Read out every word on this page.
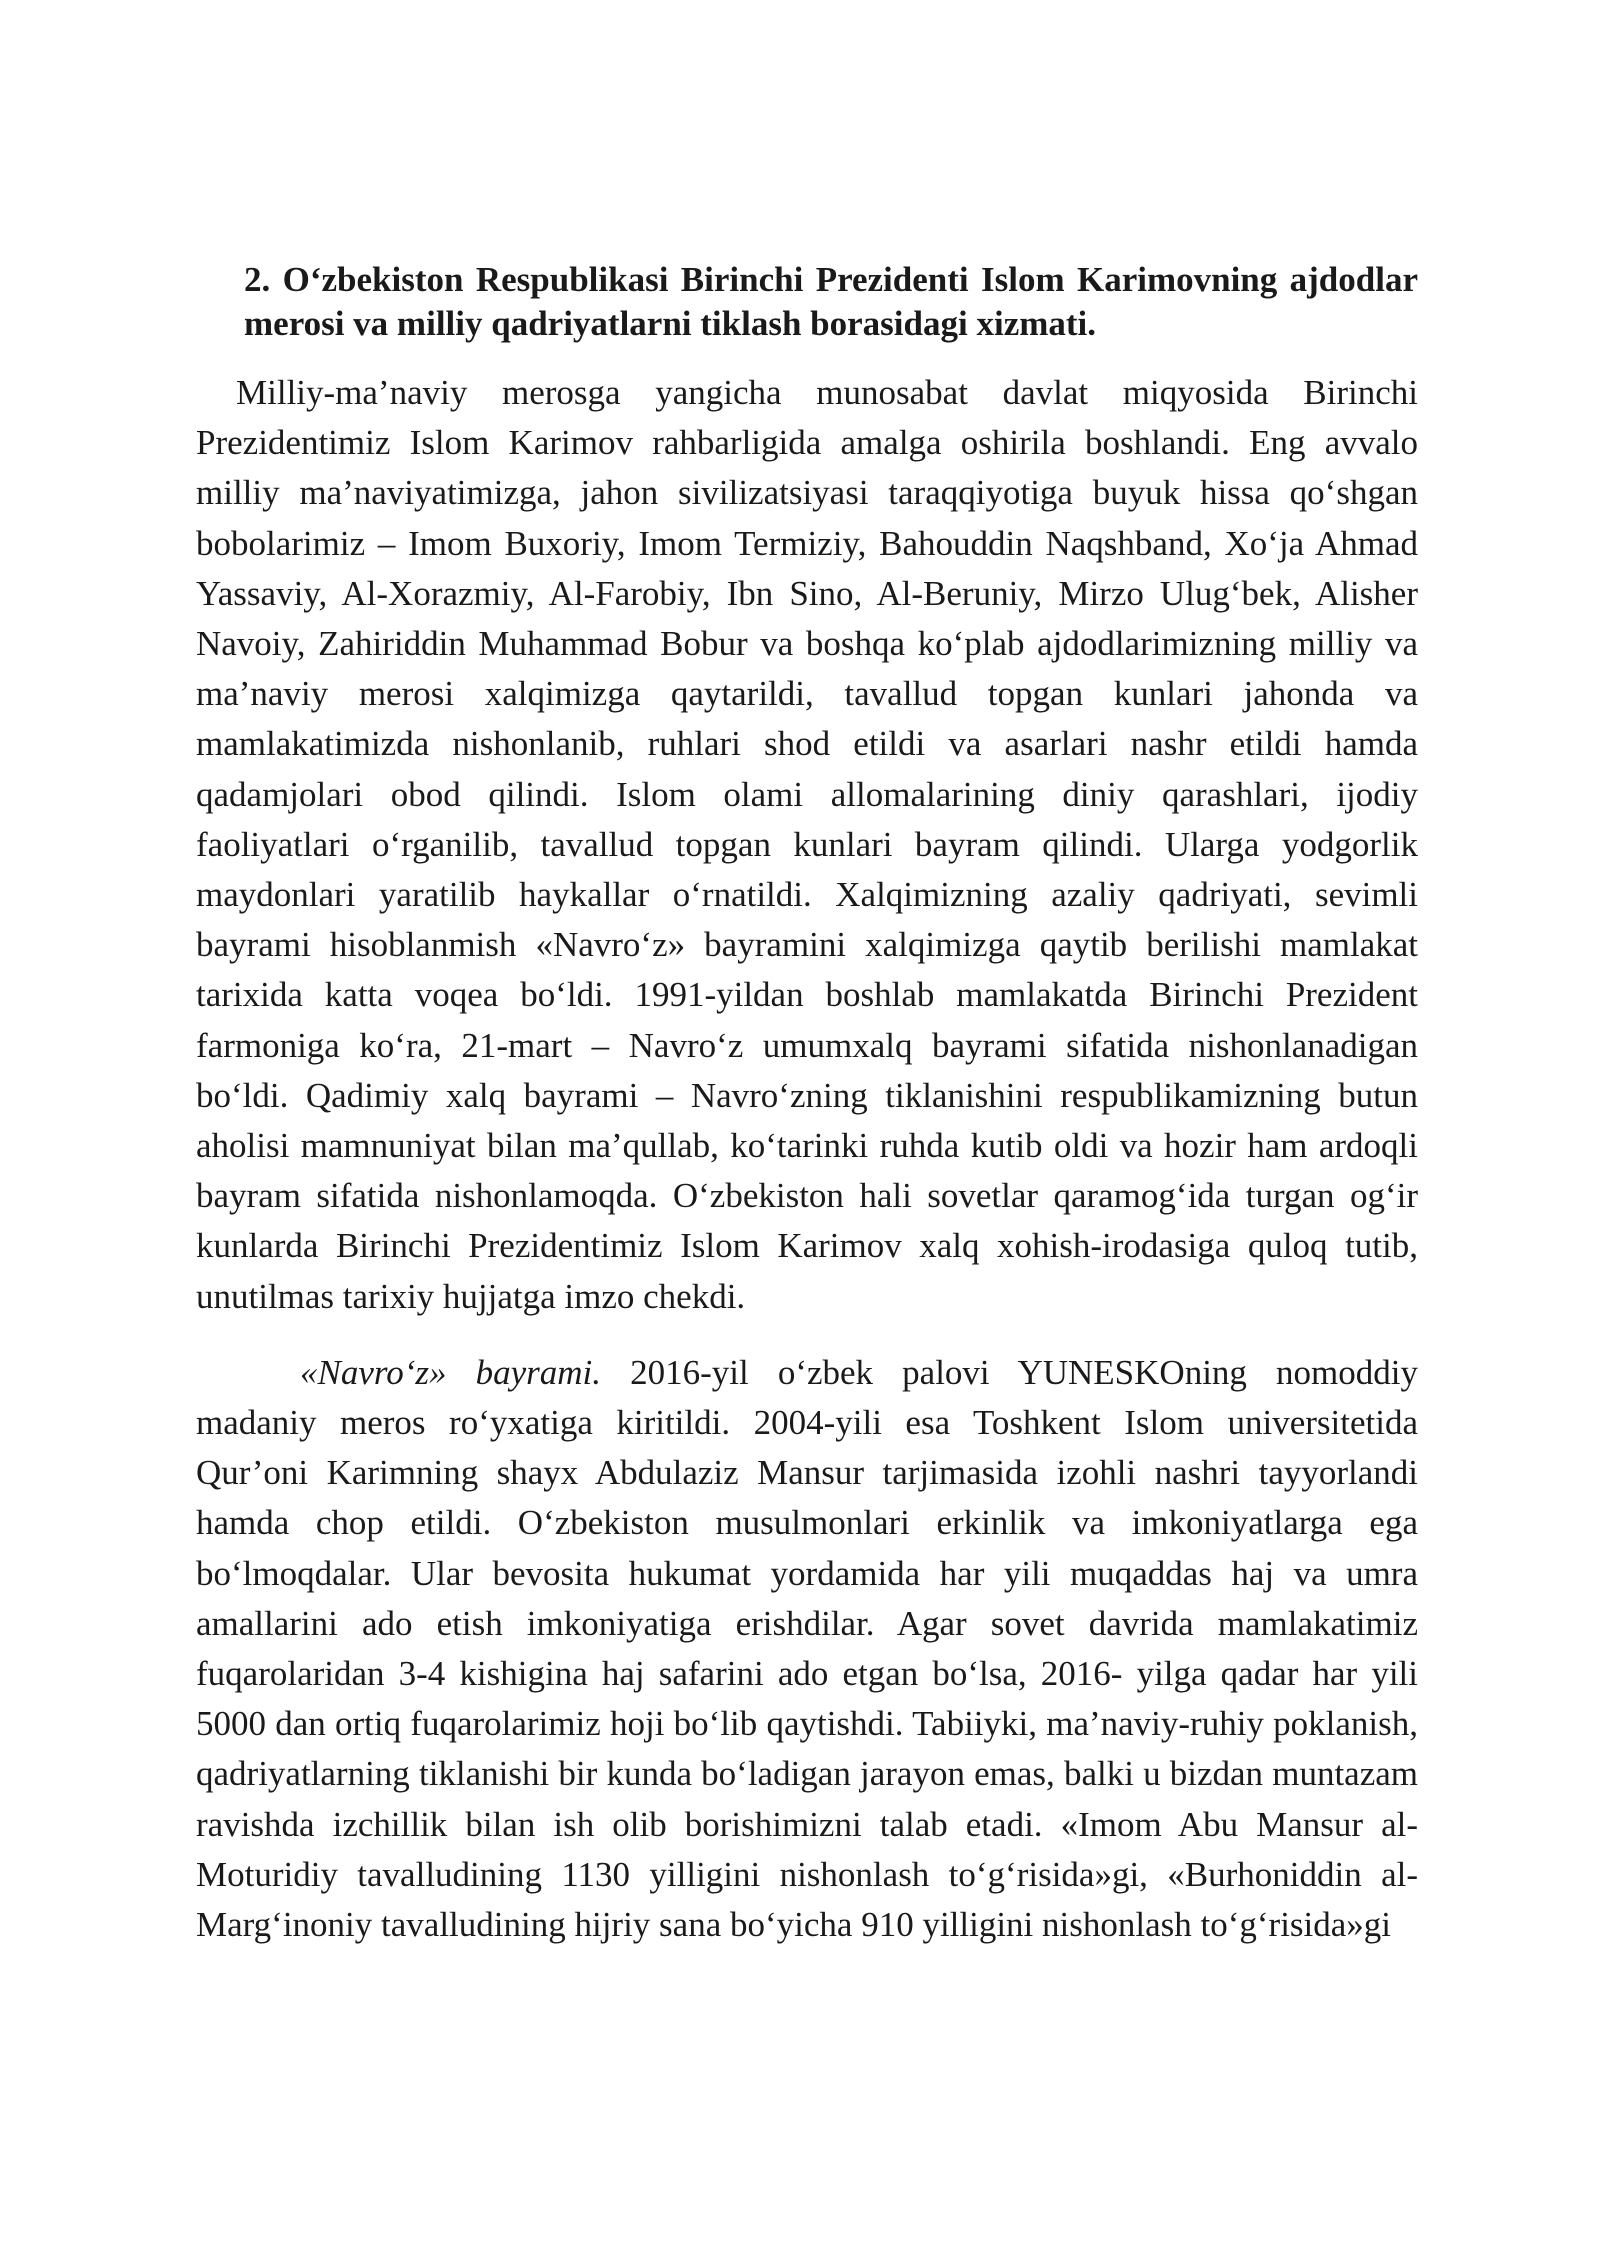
2. O‘zbekiston Respublikasi Birinchi Prezidenti Islom Karimovning ajdodlar merosi va milliy qadriyatlarni tiklash borasidagi xizmati.

Milliy-ma’naviy merosga yangicha munosabat davlat miqyosida Birinchi Prezidentimiz Islom Karimov rahbarligida amalga oshirila boshlandi. Eng avvalo milliy ma’naviyatimizga, jahon sivilizatsiyasi taraqqiyotiga buyuk hissa qo‘shgan bobolarimiz – Imom Buxoriy, Imom Termiziy, Bahouddin Naqshband, Xo‘ja Ahmad Yassaviy, Al-Xorazmiy, Al-Farobiy, Ibn Sino, Al-Beruniy, Mirzo Ulug‘bek, Alisher Navoiy, Zahiriddin Muhammad Bobur va boshqa ko‘plab ajdodlarimizning milliy va ma’naviy merosi xalqimizga qaytarildi, tavallud topgan kunlari jahonda va mamlakatimizda nishonlanib, ruhlari shod etildi va asarlari nashr etildi hamda qadamjolari obod qilindi. Islom olami allomalarining diniy qarashlari, ijodiy faoliyatlari o‘rganilib, tavallud topgan kunlari bayram qilindi. Ularga yodgorlik maydonlari yaratilib haykallar o‘rnatildi. Xalqimizning azaliy qadriyati, sevimli bayrami hisoblanmish «Navro‘z» bayramini xalqimizga qaytib berilishi mamlakat tarixida katta voqea bo‘ldi. 1991-yildan boshlab mamlakatda Birinchi Prezident farmoniga ko‘ra, 21-mart – Navro‘z umumxalq bayrami sifatida nishonlanadigan bo‘ldi. Qadimiy xalq bayrami – Navro‘zning tiklanishini respublikamizning butun aholisi mamnuniyat bilan ma’qullab, ko‘tarinki ruhda kutib oldi va hozir ham ardoqli bayram sifatida nishonlamoqda. O‘zbekiston hali sovetlar qaramog‘ida turgan og‘ir kunlarda Birinchi Prezidentimiz Islom Karimov xalq xohish-irodasiga quloq tutib, unutilmas tarixiy hujjatga imzo chekdi.

«Navro‘z» bayrami. 2016-yil o‘zbek palovi YUNESKOning nomoddiy madaniy meros ro‘yxatiga kiritildi. 2004-yili esa Toshkent Islom universitetida Qur’oni Karimning shayx Abdulaziz Mansur tarjimasida izohli nashri tayyorlandi hamda chop etildi. O‘zbekiston musulmonlari erkinlik va imkoniyatlarga ega bo‘lmoqdalar. Ular bevosita hukumat yordamida har yili muqaddas haj va umra amallarini ado etish imkoniyatiga erishdilar. Agar sovet davrida mamlakatimiz fuqarolaridan 3-4 kishigina haj safarini ado etgan bo‘lsa, 2016- yilga qadar har yili 5000 dan ortiq fuqarolarimiz hoji bo‘lib qaytishdi. Tabiiyki, ma’naviy-ruhiy poklanish, qadriyatlarning tiklanishi bir kunda bo‘ladigan jarayon emas, balki u bizdan muntazam ravishda izchillik bilan ish olib borishimizni talab etadi. «Imom Abu Mansur al-Moturidiy tavalludining 1130 yilligini nishonlash to‘g‘risida»gi, «Burhoniddin al-Marg‘inoniy tavalludining hijriy sana bo‘yicha 910 yilligini nishonlash to‘g‘risida»gi
